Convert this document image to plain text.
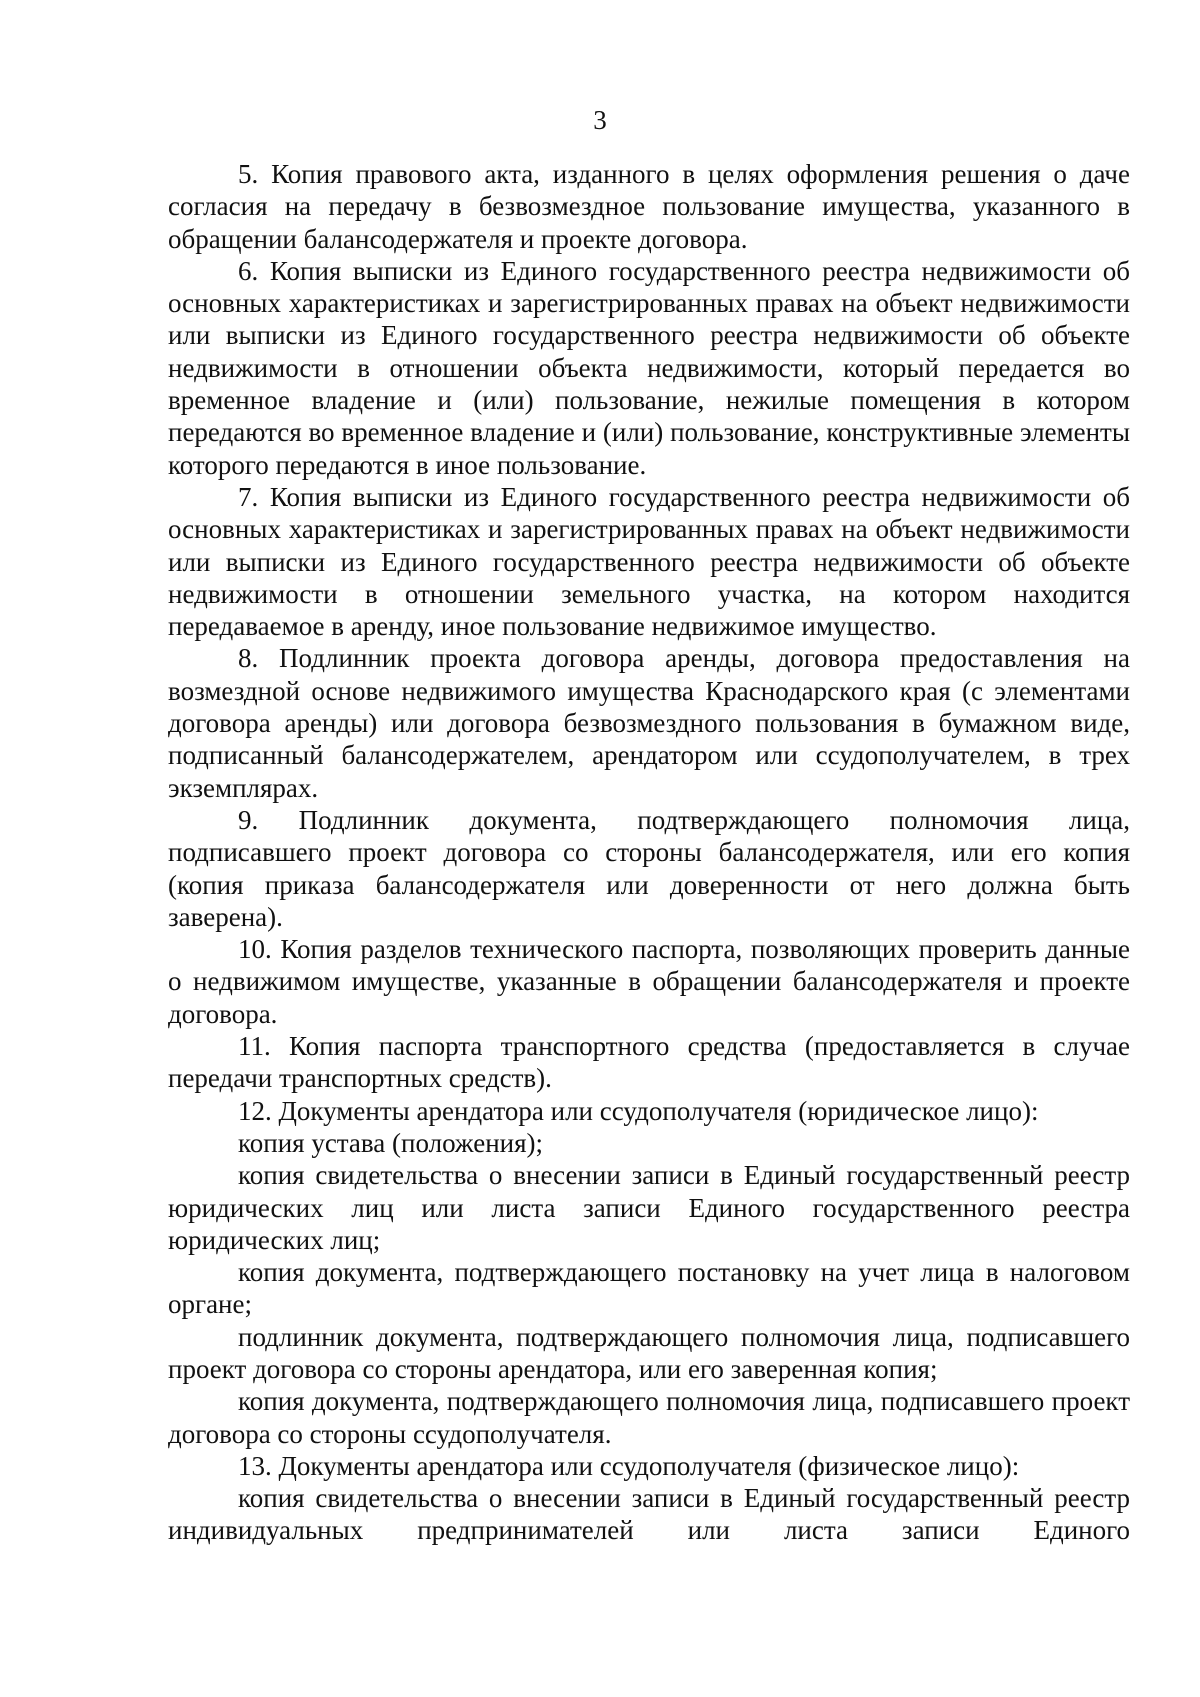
3

5. Копия правового акта, изданного в целях оформления решения о даче согласия на передачу в безвозмездное пользование имущества, указанного в обращении балансодержателя и проекте договора.

6. Копия выписки из Единого государственного реестра недвижимости об основных характеристиках и зарегистрированных правах на объект недвижимости или выписки из Единого государственного реестра недвижимости об объекте недвижимости в отношении объекта недвижимости, который передается во временное владение и (или) пользование, нежилые помещения в котором передаются во временное владение и (или) пользование, конструктивные элементы которого передаются в иное пользование.

7. Копия выписки из Единого государственного реестра недвижимости об основных характеристиках и зарегистрированных правах на объект недвижимости или выписки из Единого государственного реестра недвижимости об объекте недвижимости в отношении земельного участка, на котором находится передаваемое в аренду, иное пользование недвижимое имущество.

8. Подлинник проекта договора аренды, договора предоставления на возмездной основе недвижимого имущества Краснодарского края (с элементами договора аренды) или договора безвозмездного пользования в бумажном виде, подписанный балансодержателем, арендатором или ссудополучателем, в трех экземплярах.

9. Подлинник документа, подтверждающего полномочия лица, подписавшего проект договора со стороны балансодержателя, или его копия (копия приказа балансодержателя или доверенности от него должна быть заверена).

10. Копия разделов технического паспорта, позволяющих проверить данные о недвижимом имуществе, указанные в обращении балансодержателя и проекте договора.

11. Копия паспорта транспортного средства (предоставляется в случае передачи транспортных средств).

12. Документы арендатора или ссудополучателя (юридическое лицо):

копия устава (положения);

копия свидетельства о внесении записи в Единый государственный реестр юридических лиц или листа записи Единого государственного реестра юридических лиц;

копия документа, подтверждающего постановку на учет лица в налоговом органе;

подлинник документа, подтверждающего полномочия лица, подписавшего проект договора со стороны арендатора, или его заверенная копия;

копия документа, подтверждающего полномочия лица, подписавшего проект договора со стороны ссудополучателя.

13. Документы арендатора или ссудополучателя (физическое лицо):

копия свидетельства о внесении записи в Единый государственный реестр индивидуальных предпринимателей или листа записи Единого
